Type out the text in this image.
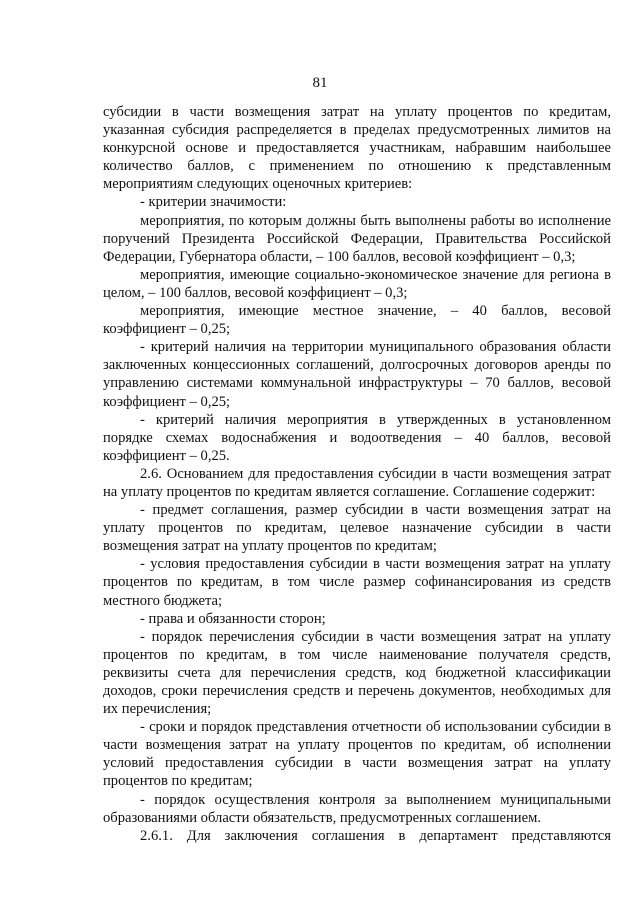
81

субсидии в части возмещения затрат на уплату процентов по кредитам, указанная субсидия распределяется в пределах предусмотренных лимитов на конкурсной основе и предоставляется участникам, набравшим наибольшее количество баллов, с применением по отношению к представленным мероприятиям следующих оценочных критериев:

- критерии значимости:

мероприятия, по которым должны быть выполнены работы во исполнение поручений Президента Российской Федерации, Правительства Российской Федерации, Губернатора области, – 100 баллов, весовой коэффициент – 0,3;

мероприятия, имеющие социально-экономическое значение для региона в целом, – 100 баллов, весовой коэффициент – 0,3;

мероприятия, имеющие местное значение, – 40 баллов, весовой коэффициент – 0,25;

- критерий наличия на территории муниципального образования области заключенных концессионных соглашений, долгосрочных договоров аренды по управлению системами коммунальной инфраструктуры – 70 баллов, весовой коэффициент – 0,25;

- критерий наличия мероприятия в утвержденных в установленном порядке схемах водоснабжения и водоотведения – 40 баллов, весовой коэффициент – 0,25.

2.6. Основанием для предоставления субсидии в части возмещения затрат на уплату процентов по кредитам является соглашение. Соглашение содержит:

- предмет соглашения, размер субсидии в части возмещения затрат на уплату процентов по кредитам, целевое назначение субсидии в части возмещения затрат на уплату процентов по кредитам;

- условия предоставления субсидии в части возмещения затрат на уплату процентов по кредитам, в том числе размер софинансирования из средств местного бюджета;

- права и обязанности сторон;

- порядок перечисления субсидии в части возмещения затрат на уплату процентов по кредитам, в том числе наименование получателя средств, реквизиты счета для перечисления средств, код бюджетной классификации доходов, сроки перечисления средств и перечень документов, необходимых для их перечисления;

- сроки и порядок представления отчетности об использовании субсидии в части возмещения затрат на уплату процентов по кредитам, об исполнении условий предоставления субсидии в части возмещения затрат на уплату процентов по кредитам;

- порядок осуществления контроля за выполнением муниципальными образованиями области обязательств, предусмотренных соглашением.

2.6.1. Для заключения соглашения в департамент представляются
